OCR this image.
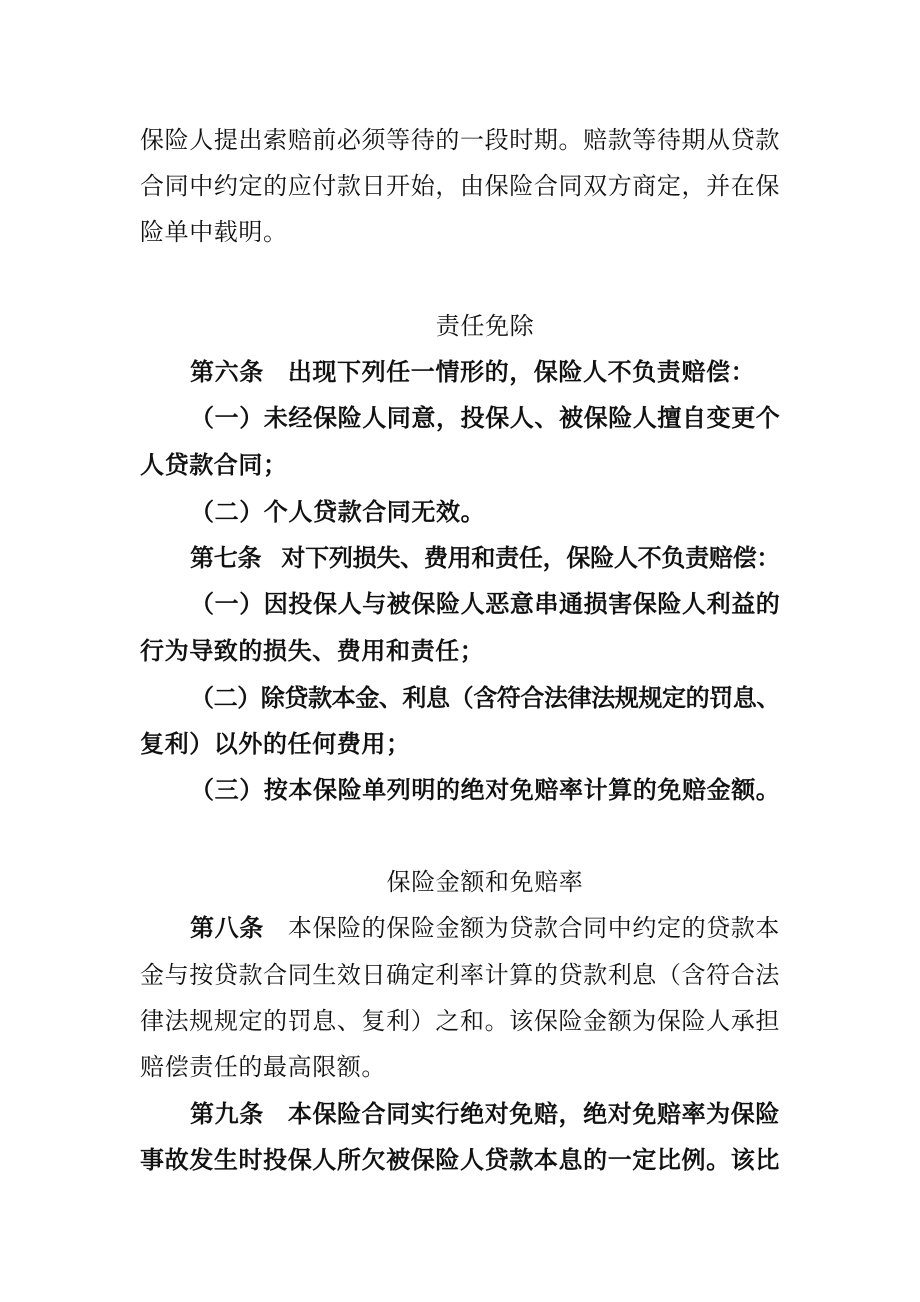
保险人提出索赔前必须等待的一段时期。赔款等待期从贷款
合同中约定的应付款日开始，由保险合同双方商定，并在保
险单中载明。
责任免除
第六条 出现下列任一情形的，保险人不负责赔偿：
（一）未经保险人同意，投保人、被保险人擅自变更个
人贷款合同；
（二）个人贷款合同无效。
第七条 对下列损失、费用和责任，保险人不负责赔偿：
（一）因投保人与被保险人恶意串通损害保险人利益的
行为导致的损失、费用和责任；
（二）除贷款本金、利息（含符合法律法规规定的罚息、
复利）以外的任何费用；
（三）按本保险单列明的绝对免赔率计算的免赔金额。
保险金额和免赔率
第八条 本保险的保险金额为贷款合同中约定的贷款本
金与按贷款合同生效日确定利率计算的贷款利息（含符合法
律法规规定的罚息、复利）之和。该保险金额为保险人承担
赔偿责任的最高限额。
第九条 本保险合同实行绝对免赔，绝对免赔率为保险
事故发生时投保人所欠被保险人贷款本息的一定比例。该比
